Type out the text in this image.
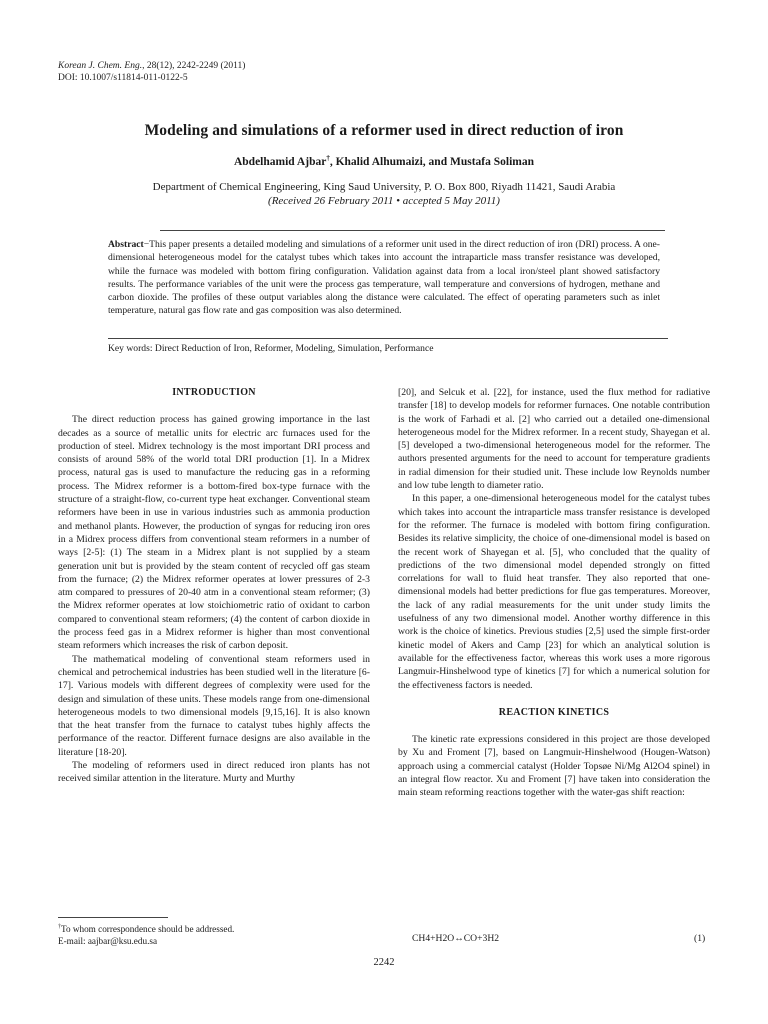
Korean J. Chem. Eng., 28(12), 2242-2249 (2011)
DOI: 10.1007/s11814-011-0122-5
Modeling and simulations of a reformer used in direct reduction of iron
Abdelhamid Ajbar†, Khalid Alhumaizi, and Mustafa Soliman
Department of Chemical Engineering, King Saud University, P. O. Box 800, Riyadh 11421, Saudi Arabia
(Received 26 February 2011 • accepted 5 May 2011)
Abstract−This paper presents a detailed modeling and simulations of a reformer unit used in the direct reduction of iron (DRI) process. A one-dimensional heterogeneous model for the catalyst tubes which takes into account the intraparticle mass transfer resistance was developed, while the furnace was modeled with bottom firing configuration. Validation against data from a local iron/steel plant showed satisfactory results. The performance variables of the unit were the process gas temperature, wall temperature and conversions of hydrogen, methane and carbon dioxide. The profiles of these output variables along the distance were calculated. The effect of operating parameters such as inlet temperature, natural gas flow rate and gas composition was also determined.
Key words: Direct Reduction of Iron, Reformer, Modeling, Simulation, Performance
INTRODUCTION

The direct reduction process has gained growing importance in the last decades as a source of metallic units for electric arc furnaces used for the production of steel. Midrex technology is the most important DRI process and consists of around 58% of the world total DRI production [1]. In a Midrex process, natural gas is used to manufacture the reducing gas in a reforming process. The Midrex reformer is a bottom-fired box-type furnace with the structure of a straight-flow, co-current type heat exchanger. Conventional steam reformers have been in use in various industries such as ammonia production and methanol plants. However, the production of syngas for reducing iron ores in a Midrex process differs from conventional steam reformers in a number of ways [2-5]: (1) The steam in a Midrex plant is not supplied by a steam generation unit but is provided by the steam content of recycled off gas steam from the furnace; (2) the Midrex reformer operates at lower pressures of 2-3 atm compared to pressures of 20-40 atm in a conventional steam reformer; (3) the Midrex reformer operates at low stoichiometric ratio of oxidant to carbon compared to conventional steam reformers; (4) the content of carbon dioxide in the process feed gas in a Midrex reformer is higher than most conventional steam reformers which increases the risk of carbon deposit.

The mathematical modeling of conventional steam reformers used in chemical and petrochemical industries has been studied well in the literature [6-17]. Various models with different degrees of complexity were used for the design and simulation of these units. These models range from one-dimensional heterogeneous models to two dimensional models [9,15,16]. It is also known that the heat transfer from the furnace to catalyst tubes highly affects the performance of the reactor. Different furnace designs are also available in the literature [18-20].

The modeling of reformers used in direct reduced iron plants has not received similar attention in the literature. Murty and Murthy

[20], and Selcuk et al. [22], for instance, used the flux method for radiative transfer [18] to develop models for reformer furnaces. One notable contribution is the work of Farhadi et al. [2] who carried out a detailed one-dimensional heterogeneous model for the Midrex reformer. In a recent study, Shayegan et al. [5] developed a two-dimensional heterogeneous model for the reformer. The authors presented arguments for the need to account for temperature gradients in radial dimension for their studied unit. These include low Reynolds number and low tube length to diameter ratio.

In this paper, a one-dimensional heterogeneous model for the catalyst tubes which takes into account the intraparticle mass transfer resistance is developed for the reformer. The furnace is modeled with bottom firing configuration. Besides its relative simplicity, the choice of one-dimensional model is based on the recent work of Shayegan et al. [5], who concluded that the quality of predictions of the two dimensional model depended strongly on fitted correlations for wall to fluid heat transfer. They also reported that one-dimensional models had better predictions for flue gas temperatures. Moreover, the lack of any radial measurements for the unit under study limits the usefulness of any two dimensional model. Another worthy difference in this work is the choice of kinetics. Previous studies [2,5] used the simple first-order kinetic model of Akers and Camp [23] for which an analytical solution is available for the effectiveness factor, whereas this work uses a more rigorous Langmuir-Hinshelwood type of kinetics [7] for which a numerical solution for the effectiveness factors is needed.

REACTION KINETICS

The kinetic rate expressions considered in this project are those developed by Xu and Froment [7], based on Langmuir-Hinshelwood (Hougen-Watson) approach using a commercial catalyst (Holder Topsøe Ni/Mg Al2O4 spinel) in an integral flow reactor. Xu and Froment [7] have taken into consideration the main steam reforming reactions together with the water-gas shift reaction:

†To whom correspondence should be addressed.
E-mail: aajbar@ksu.edu.sa	CH4+H2O↔CO+3H2	(1)
2242
